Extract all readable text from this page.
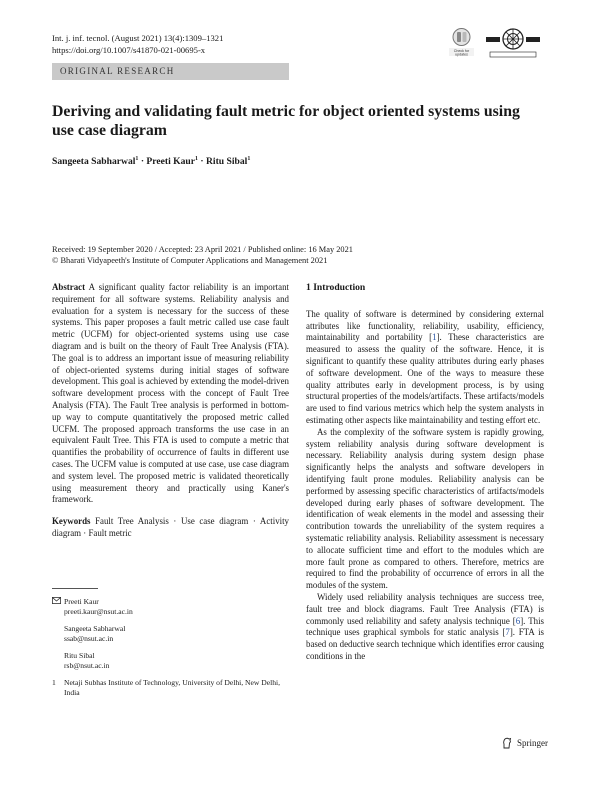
Int. j. inf. tecnol. (August 2021) 13(4):1309–1321
https://doi.org/10.1007/s41870-021-00695-x	Check for
updates
ORIGINAL RESEARCH
Deriving and validating fault metric for object oriented systems using use case diagram
Sangeeta Sabharwal$^1$ · Preeti Kaur$^1$ · Ritu Sibal$^1$
Received: 19 September 2020 / Accepted: 23 April 2021 / Published online: 16 May 2021
© Bharati Vidyapeeth's Institute of Computer Applications and Management 2021
Abstract A significant quality factor reliability is an important requirement for all software systems. Reliability analysis and evaluation for a system is necessary for the success of these systems. This paper proposes a fault metric called use case fault metric (UCFM) for object-oriented systems using use case diagram and is built on the theory of Fault Tree Analysis (FTA). The goal is to address an important issue of measuring reliability of object-oriented systems during initial stages of software development. This goal is achieved by extending the model-driven software development process with the concept of Fault Tree Analysis (FTA). The Fault Tree analysis is performed in bottom-up way to compute quantitatively the proposed metric called UCFM. The proposed approach transforms the use case in an equivalent Fault Tree. This FTA is used to compute a metric that quantifies the probability of occurrence of faults in different use cases. The UCFM value is computed at use case, use case diagram and system level. The proposed metric is validated theoretically using measurement theory and practically using Kaner's framework.
Keywords Fault Tree Analysis · Use case diagram · Activity diagram · Fault metric
Preeti Kaur
preeti.kaur@nsut.ac.in
Sangeeta Sabharwal
ssab@nsut.ac.in
Ritu Sibal
rsb@nsut.ac.in
1	Netaji Subhas Institute of Technology, University of Delhi, New Delhi, India
1 Introduction

The quality of software is determined by considering external attributes like functionality, reliability, usability, efficiency, maintainability and portability [1]. These characteristics are measured to assess the quality of the software. Hence, it is significant to quantify these quality attributes during early phases of software development. One of the ways to measure these quality attributes early in development process, is by using structural properties of the models/artifacts. These artifacts/models are used to find various metrics which help the system analysts in estimating other aspects like maintainability and testing effort etc.

As the complexity of the software system is rapidly growing, system reliability analysis during software development is necessary. Reliability analysis during system design phase significantly helps the analysts and software developers in identifying fault prone modules. Reliability analysis can be performed by assessing specific characteristics of artifacts/models developed during early phases of software development. The identification of weak elements in the model and assessing their contribution towards the unreliability of the system requires a systematic reliability analysis. Reliability assessment is necessary to allocate sufficient time and effort to the modules which are more fault prone as compared to others. Therefore, metrics are required to find the probability of occurrence of errors in all the modules of the system.

Widely used reliability analysis techniques are success tree, fault tree and block diagrams. Fault Tree Analysis (FTA) is commonly used reliability and safety analysis technique [6]. This technique uses graphical symbols for static analysis [7]. FTA is based on deductive search technique which identifies error causing conditions in the

Springer
